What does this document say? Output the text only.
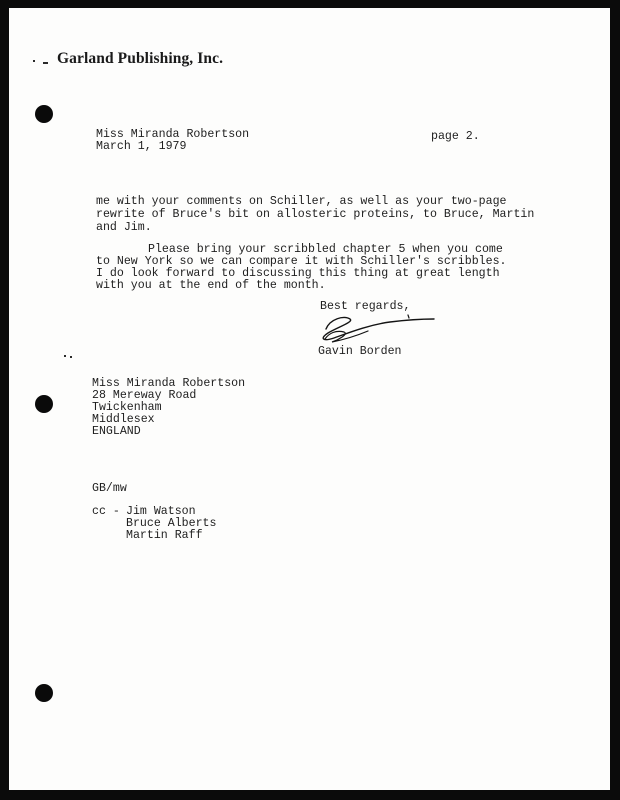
Garland Publishing, Inc.

Miss Miranda Robertson

March 1, 1979

page 2.

me with your comments on Schiller, as well as your two-page

rewrite of Bruce's bit on allosteric proteins, to Bruce, Martin

and Jim.

Please bring your scribbled chapter 5 when you come

to New York so we can compare it with Schiller's scribbles.

I do look forward to discussing this thing at great length

with you at the end of the month.

Best regards,

Gavin Borden

Miss Miranda Robertson

28 Mereway Road

Twickenham

Middlesex

ENGLAND

GB/mw

cc - Jim Watson

Bruce Alberts

Martin Raff
